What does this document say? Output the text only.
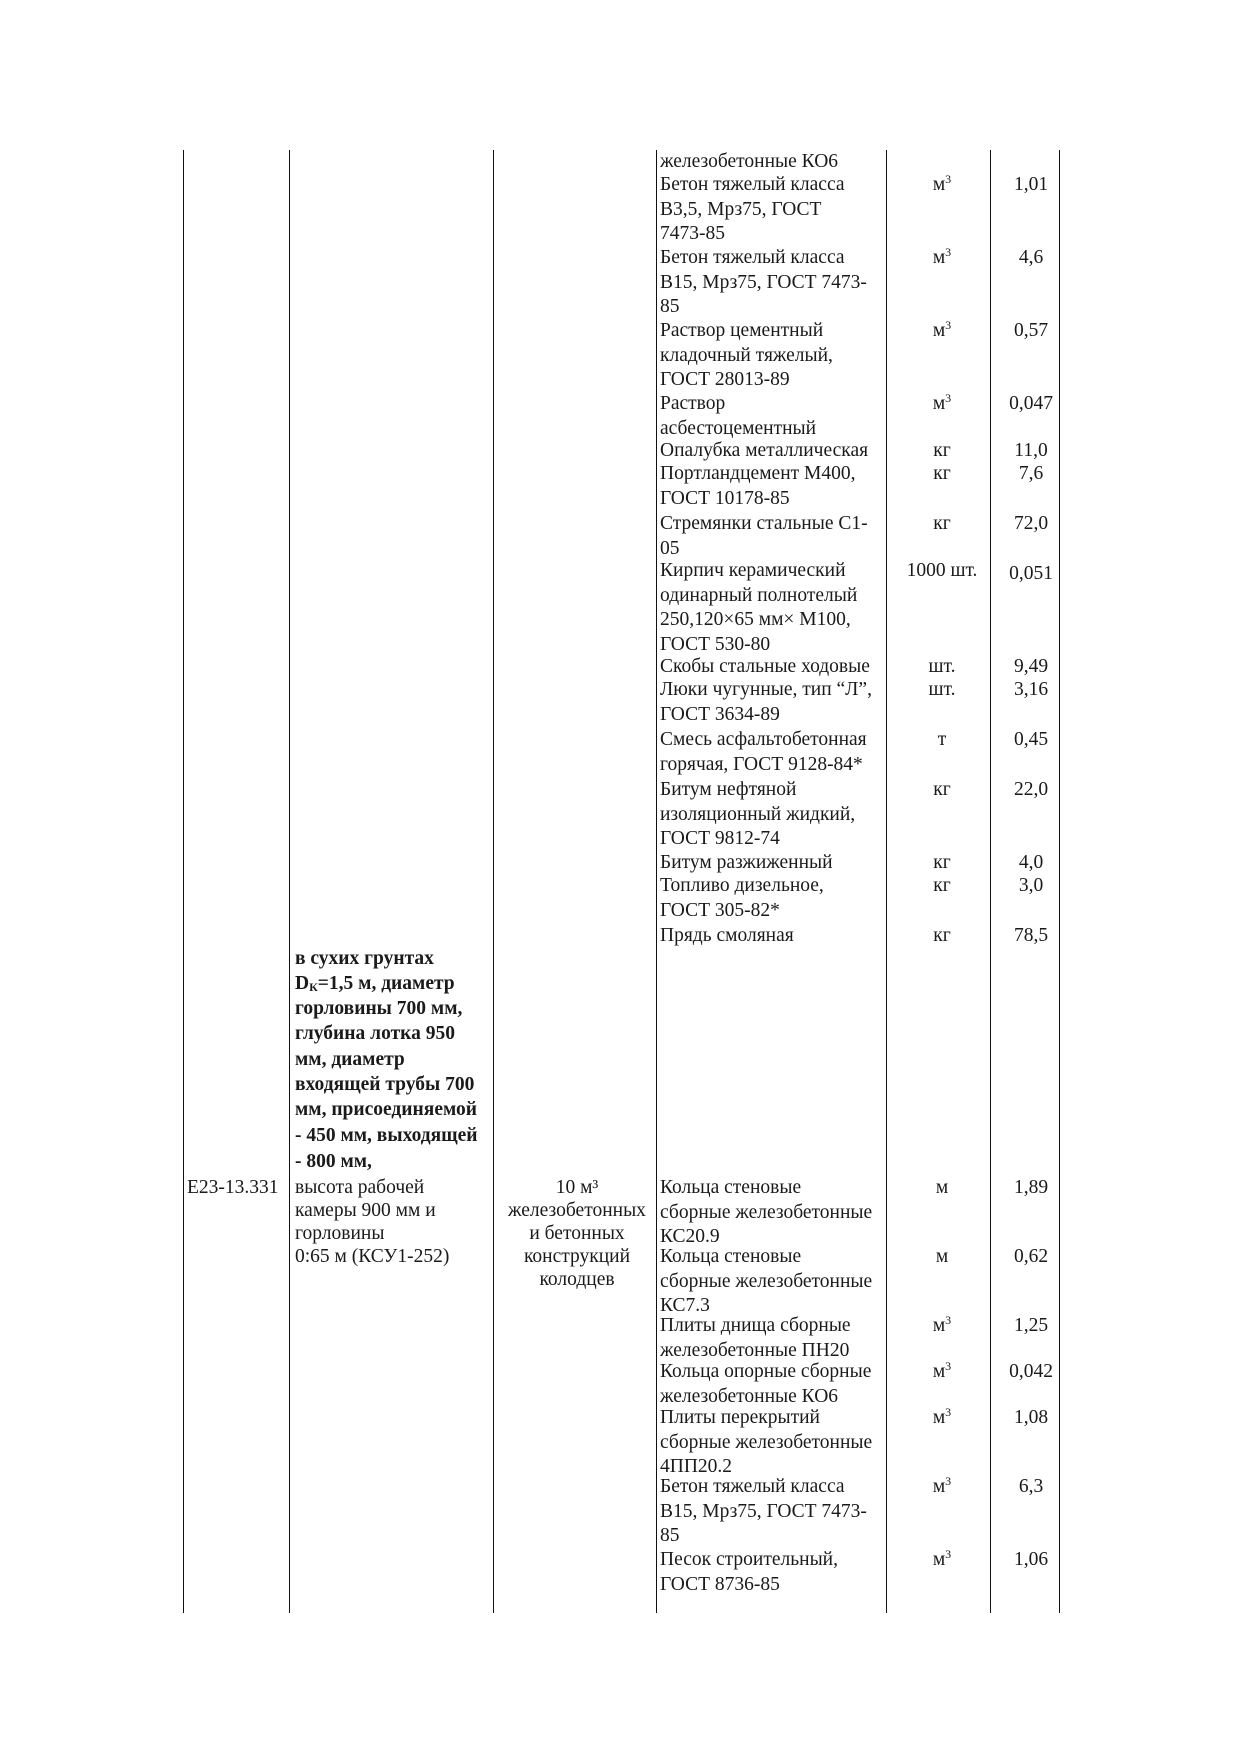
Е23-13.331
в сухих грунтах
$D_К=1,5$ м, диаметр
горловины 700 мм,
глубина лотка 950
мм, диаметр
входящей трубы 700
мм, присоединяемой
- 450 мм, выходящей
- 800 мм,
высота рабочей
камеры 900 мм и
горловины
0:65 м (КСУ1-252)
10 м³
железобетонных
и бетонных
конструкций
колодцев
железобетонные КО6
Бетон тяжелый класса
В3,5, Мрз75, ГОСТ
7473-85
$м^3$	1,01
Бетон тяжелый класса
В15, Мрз75, ГОСТ 7473-
85
$м^3$	4,6
Раствор цементный
кладочный тяжелый,
ГОСТ 28013-89
$м^3$	0,57
Раствор
асбестоцементный
$м^3$	0,047
Опалубка металлическая	кг	11,0
Портландцемент М400,
ГОСТ 10178-85
кг	7,6
Стремянки стальные С1-
05
кг	72,0
Кирпич керамический
одинарный полнотелый
250,120×65 мм× М100,
ГОСТ 530-80
1000 шт.	0,051
Скобы стальные ходовые	шт.	9,49
Люки чугунные, тип “Л”,
ГОСТ 3634-89
шт.	3,16
Смесь асфальтобетонная
горячая, ГОСТ 9128-84*
т	0,45
Битум нефтяной
изоляционный жидкий,
ГОСТ 9812-74
кг	22,0
Битум разжиженный	кг	4,0
Топливо дизельное,
ГОСТ 305-82*
кг	3,0
Прядь смоляная	кг	78,5
Кольца стеновые
сборные железобетонные
КС20.9
м	1,89
Кольца стеновые
сборные железобетонные
КС7.3
м	0,62
Плиты днища сборные
железобетонные ПН20
$м^3$	1,25
Кольца опорные сборные
железобетонные КО6
$м^3$	0,042
Плиты перекрытий
сборные железобетонные
4ПП20.2
$м^3$	1,08
Бетон тяжелый класса
В15, Мрз75, ГОСТ 7473-
85
$м^3$	6,3
Песок строительный,
ГОСТ 8736-85
$м^3$	1,06
